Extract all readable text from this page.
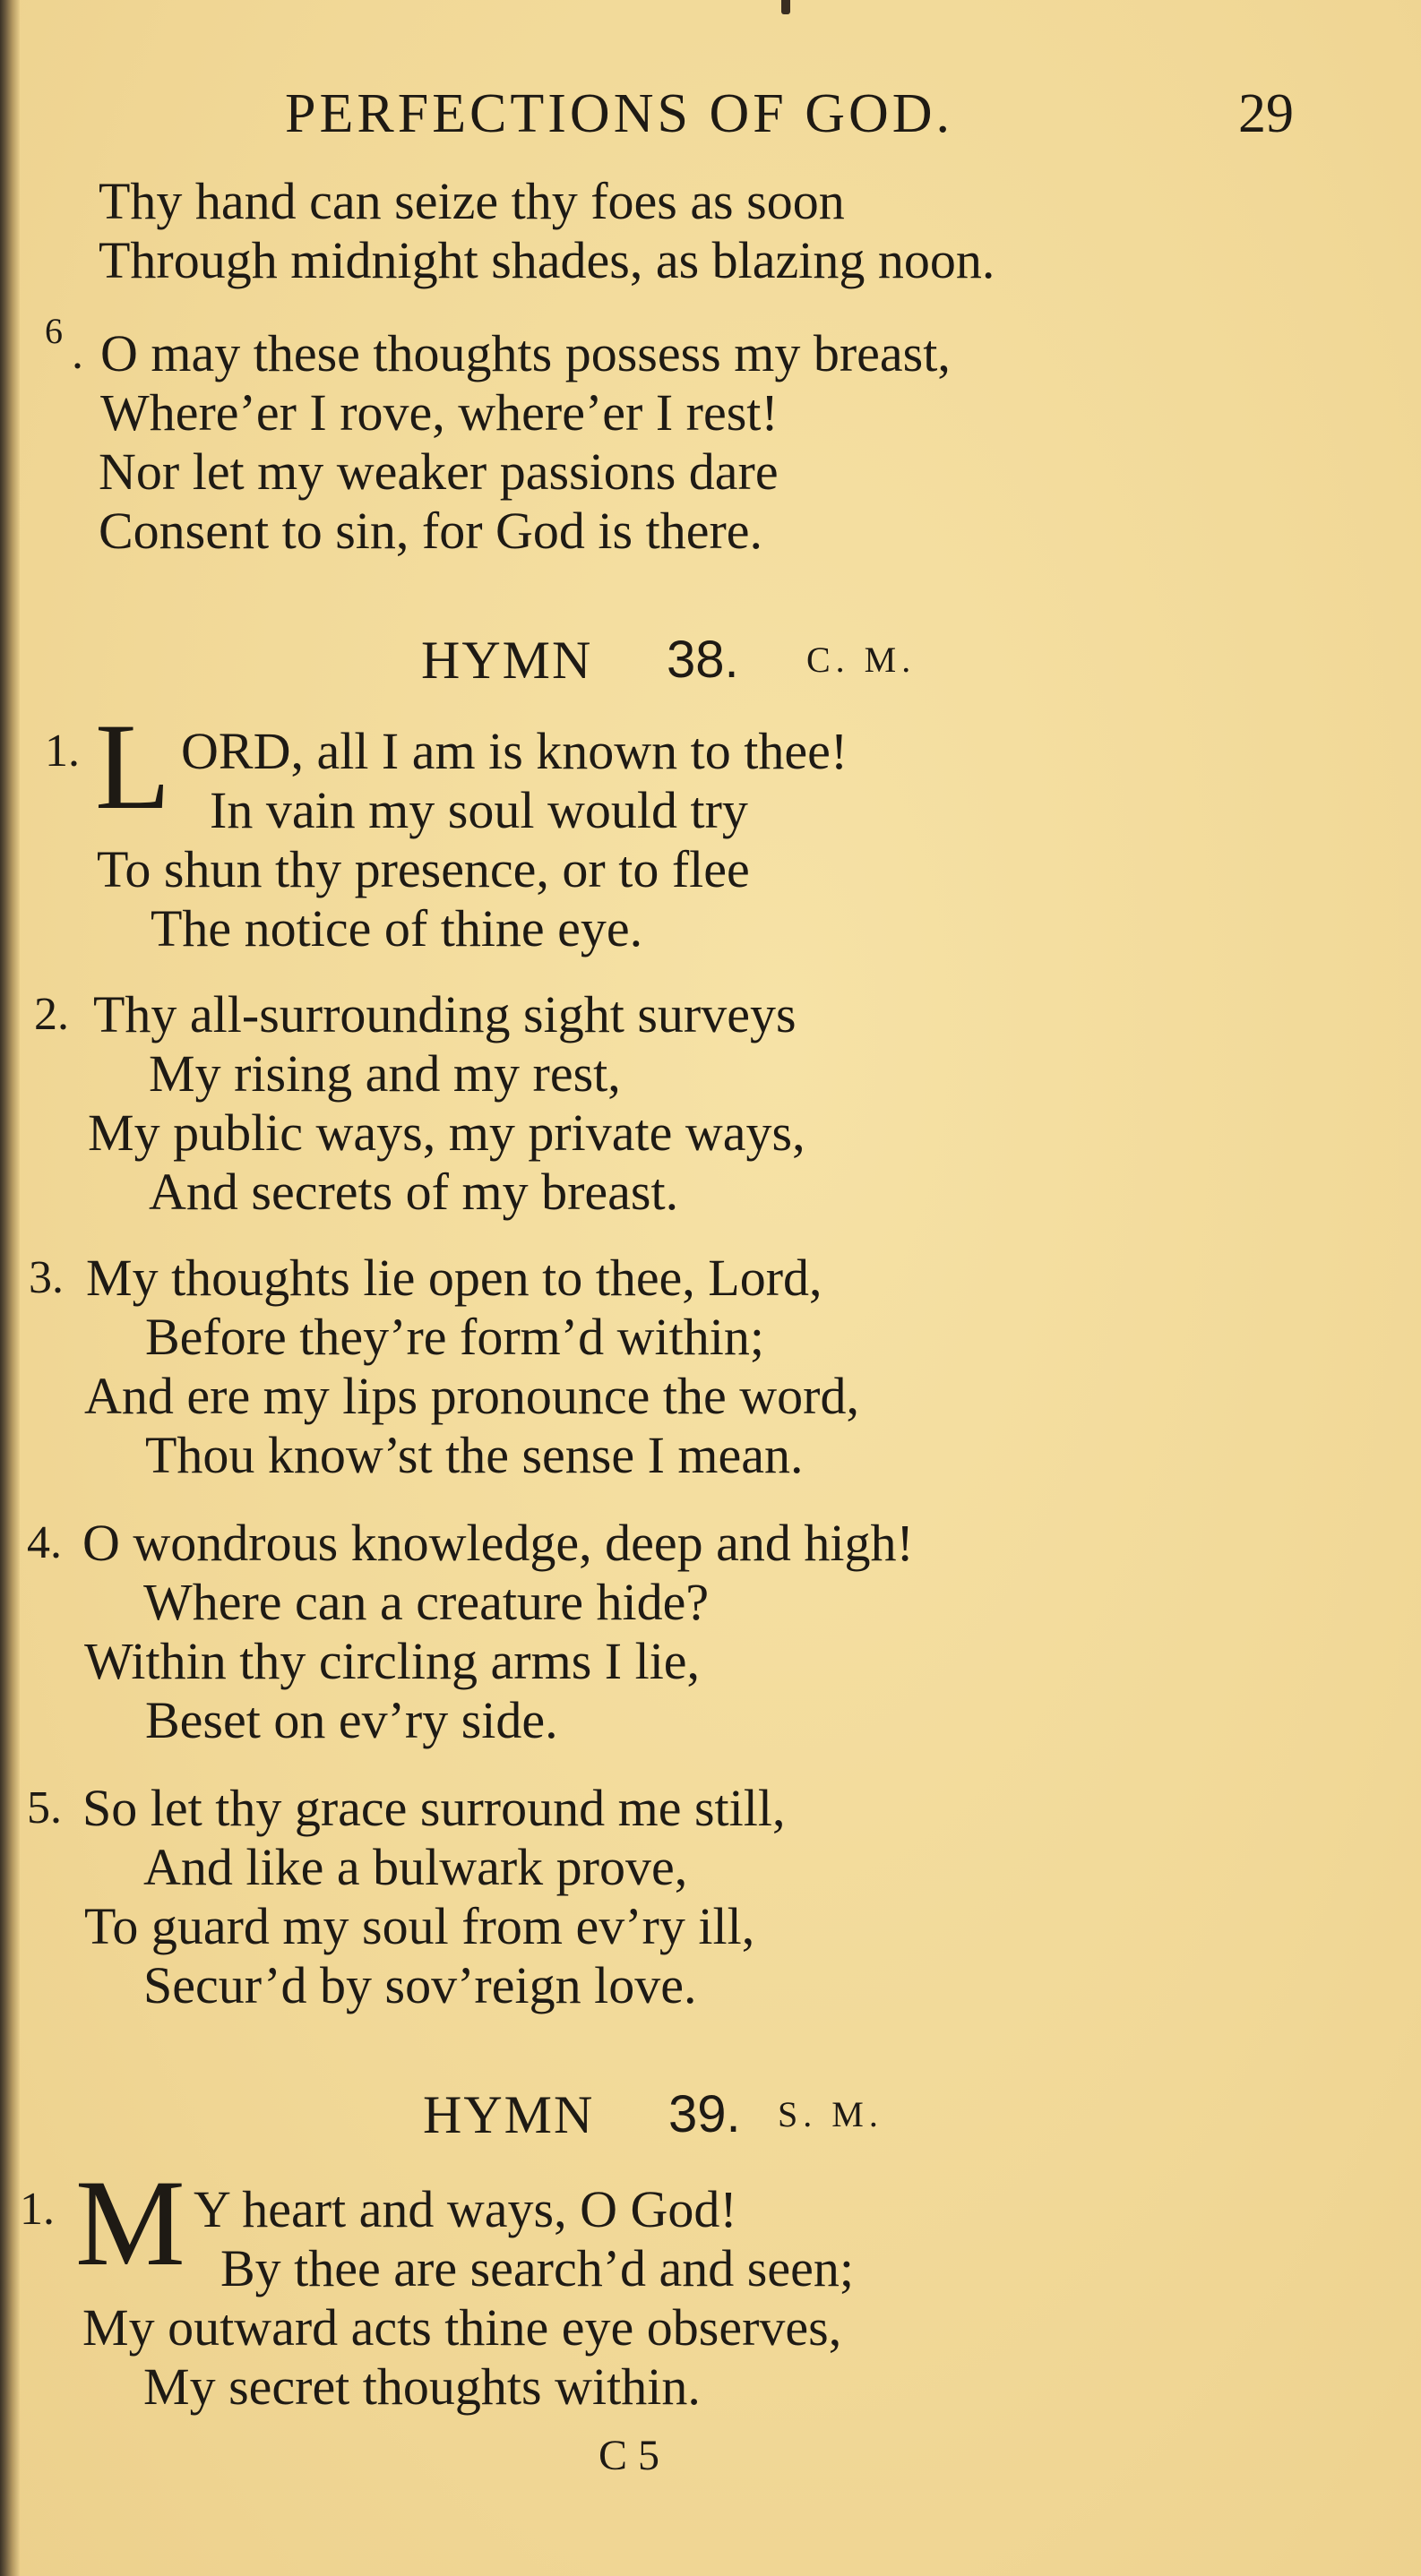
PERFECTIONS OF GOD.	29
Thy hand can seize thy foes as soon
Through midnight shades, as blazing noon.
6 . O may these thoughts possess my breast,
Where’er I rove, where’er I rest!
Nor let my weaker passions dare
Consent to sin, for God is there.
HYMN 38. C. M.
1. L ORD, all I am is known to thee!
In vain my soul would try
To shun thy presence, or to flee
The notice of thine eye.
2. Thy all-surrounding sight surveys
My rising and my rest,
My public ways, my private ways,
And secrets of my breast.
3. My thoughts lie open to thee, Lord,
Before they’re form’d within;
And ere my lips pronounce the word,
Thou know’st the sense I mean.
4. O wondrous knowledge, deep and high!
Where can a creature hide?
Within thy circling arms I lie,
Beset on ev’ry side.
5. So let thy grace surround me still,
And like a bulwark prove,
To guard my soul from ev’ry ill,
Secur’d by sov’reign love.
HYMN 39. S. M.
1. M Y heart and ways, O God!
By thee are search’d and seen;
My outward acts thine eye observes,
My secret thoughts within.
C 5
